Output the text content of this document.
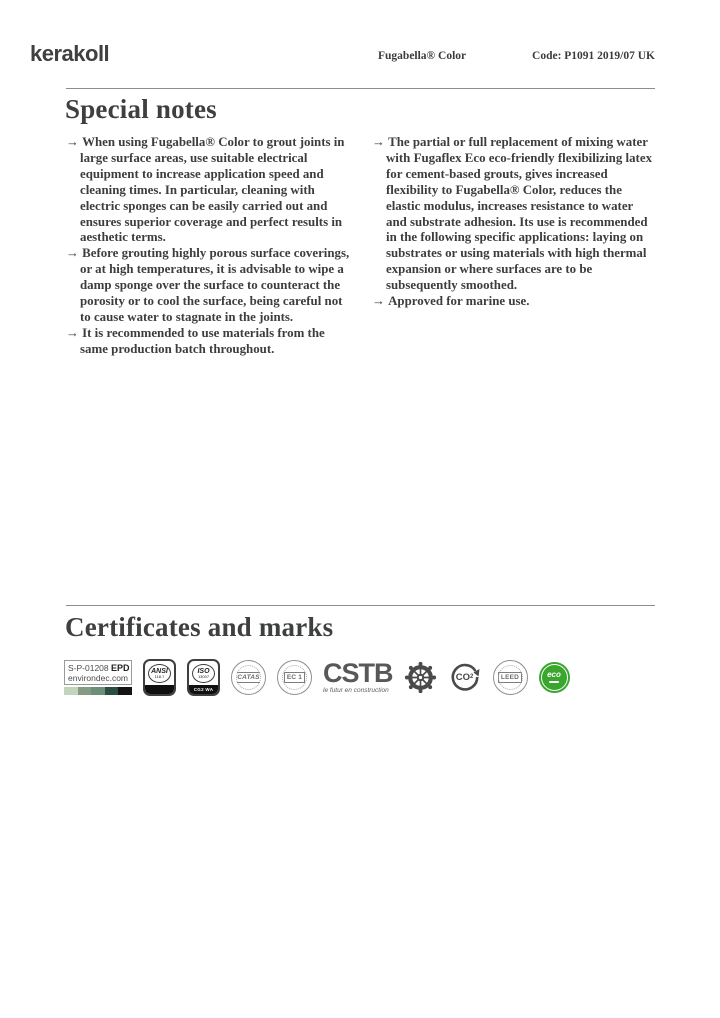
kerakoll	Fugabella® Color	Code: P1091 2019/07 UK
Special notes
→ When using Fugabella® Color to grout joints in large surface areas, use suitable electrical equipment to increase application speed and cleaning times. In particular, cleaning with electric sponges can be easily carried out and ensures superior coverage and perfect results in aesthetic terms.
→ Before grouting highly porous surface coverings, or at high temperatures, it is advisable to wipe a damp sponge over the surface to counteract the porosity or to cool the surface, being careful not to cause water to stagnate in the joints.
→ It is recommended to use materials from the same production batch throughout.
→ The partial or full replacement of mixing water with Fugaflex Eco eco-friendly flexibilizing latex for cement-based grouts, gives increased flexibility to Fugabella® Color, reduces the elastic modulus, increases resistance to water and substrate adhesion. Its use is recommended in the following specific applications: laying on substrates or using materials with high thermal expansion or where surfaces are to be subsequently smoothed.
→ Approved for marine use.
Certificates and marks
S-P-01208 EPD
environdec.com
ANSI
118.7
ISO
13007
CG2 WA
CATAS	EC 1 CSTB
le futur en construction
CO 2	LEED	eco
